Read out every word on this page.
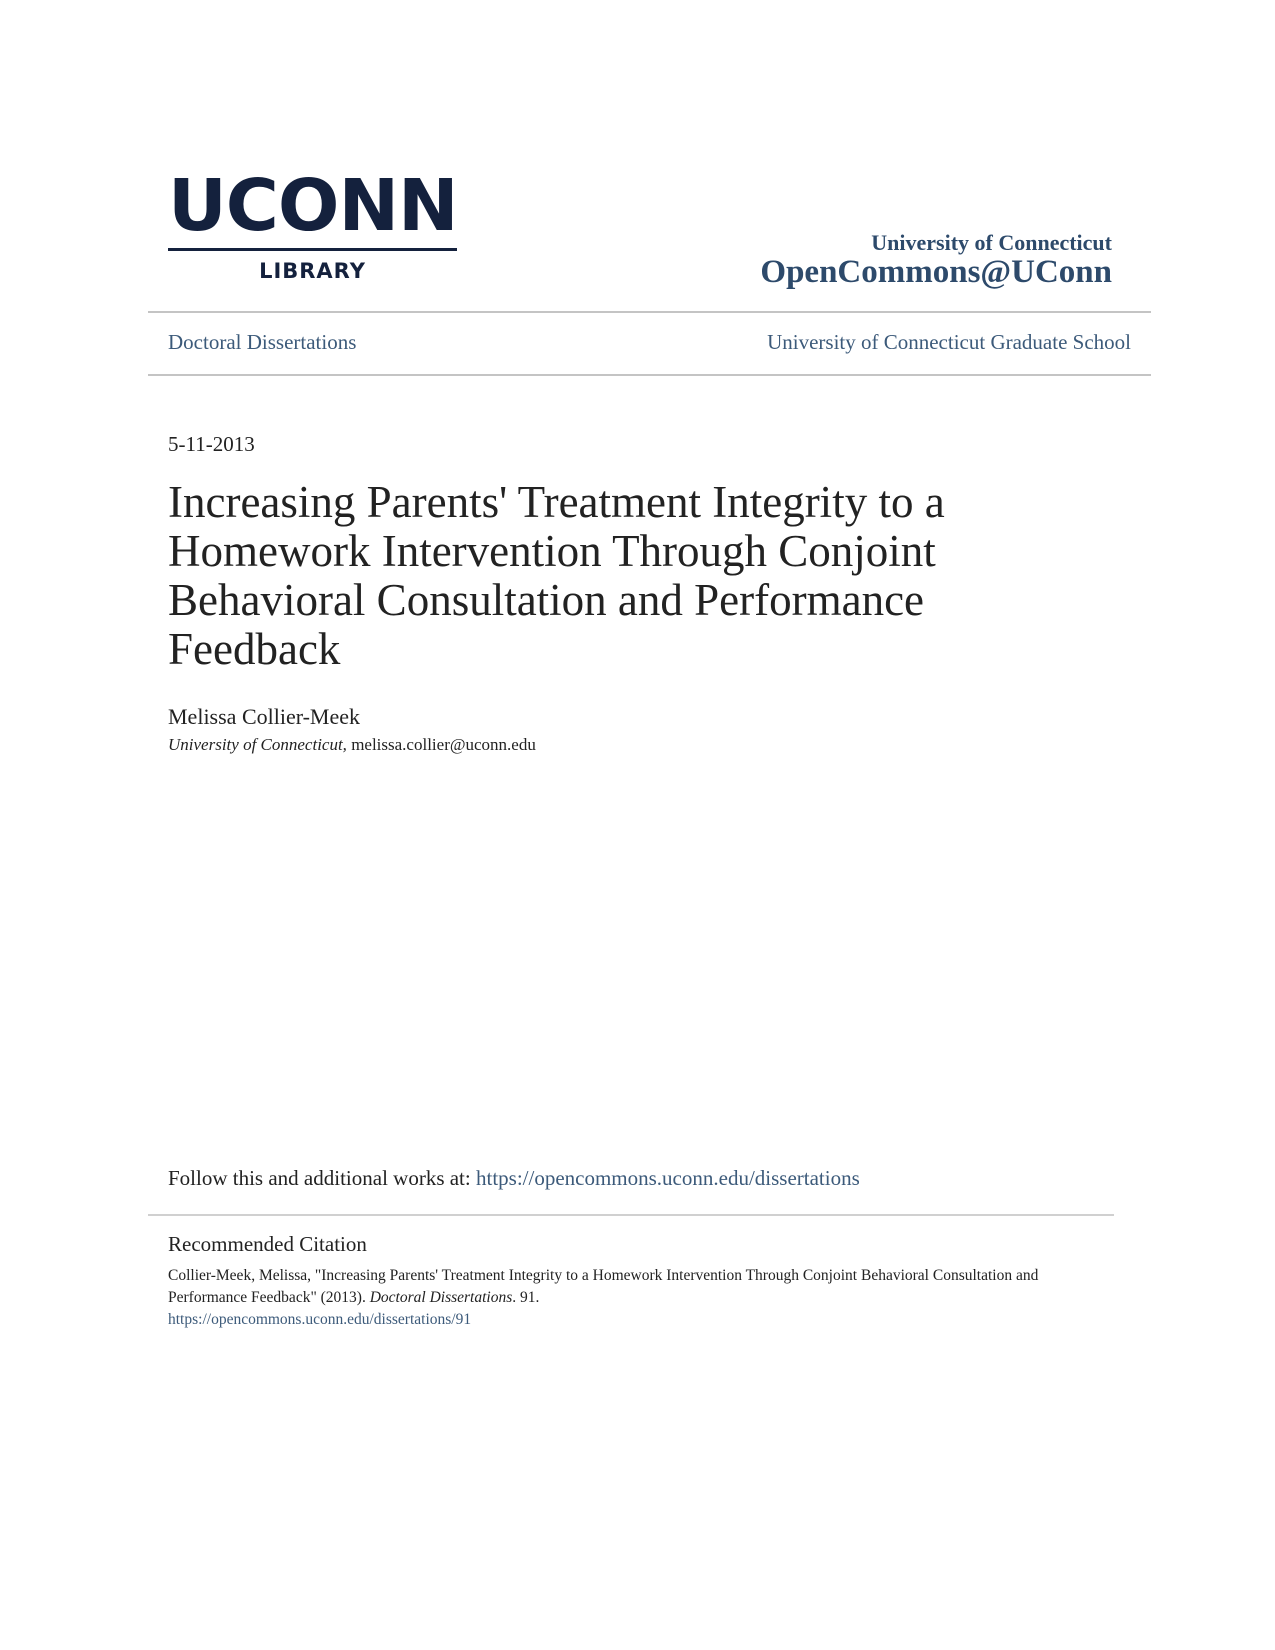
UCONN
LIBRARY
University of Connecticut
OpenCommons@UConn
Doctoral Dissertations	University of Connecticut Graduate School
5-11-2013
Increasing Parents' Treatment Integrity to a Homework Intervention Through Conjoint Behavioral Consultation and Performance Feedback
Melissa Collier-Meek
University of Connecticut, melissa.collier@uconn.edu
Follow this and additional works at: https://opencommons.uconn.edu/dissertations
Recommended Citation
Collier-Meek, Melissa, "Increasing Parents' Treatment Integrity to a Homework Intervention Through Conjoint Behavioral Consultation and Performance Feedback" (2013). Doctoral Dissertations. 91.
https://opencommons.uconn.edu/dissertations/91
